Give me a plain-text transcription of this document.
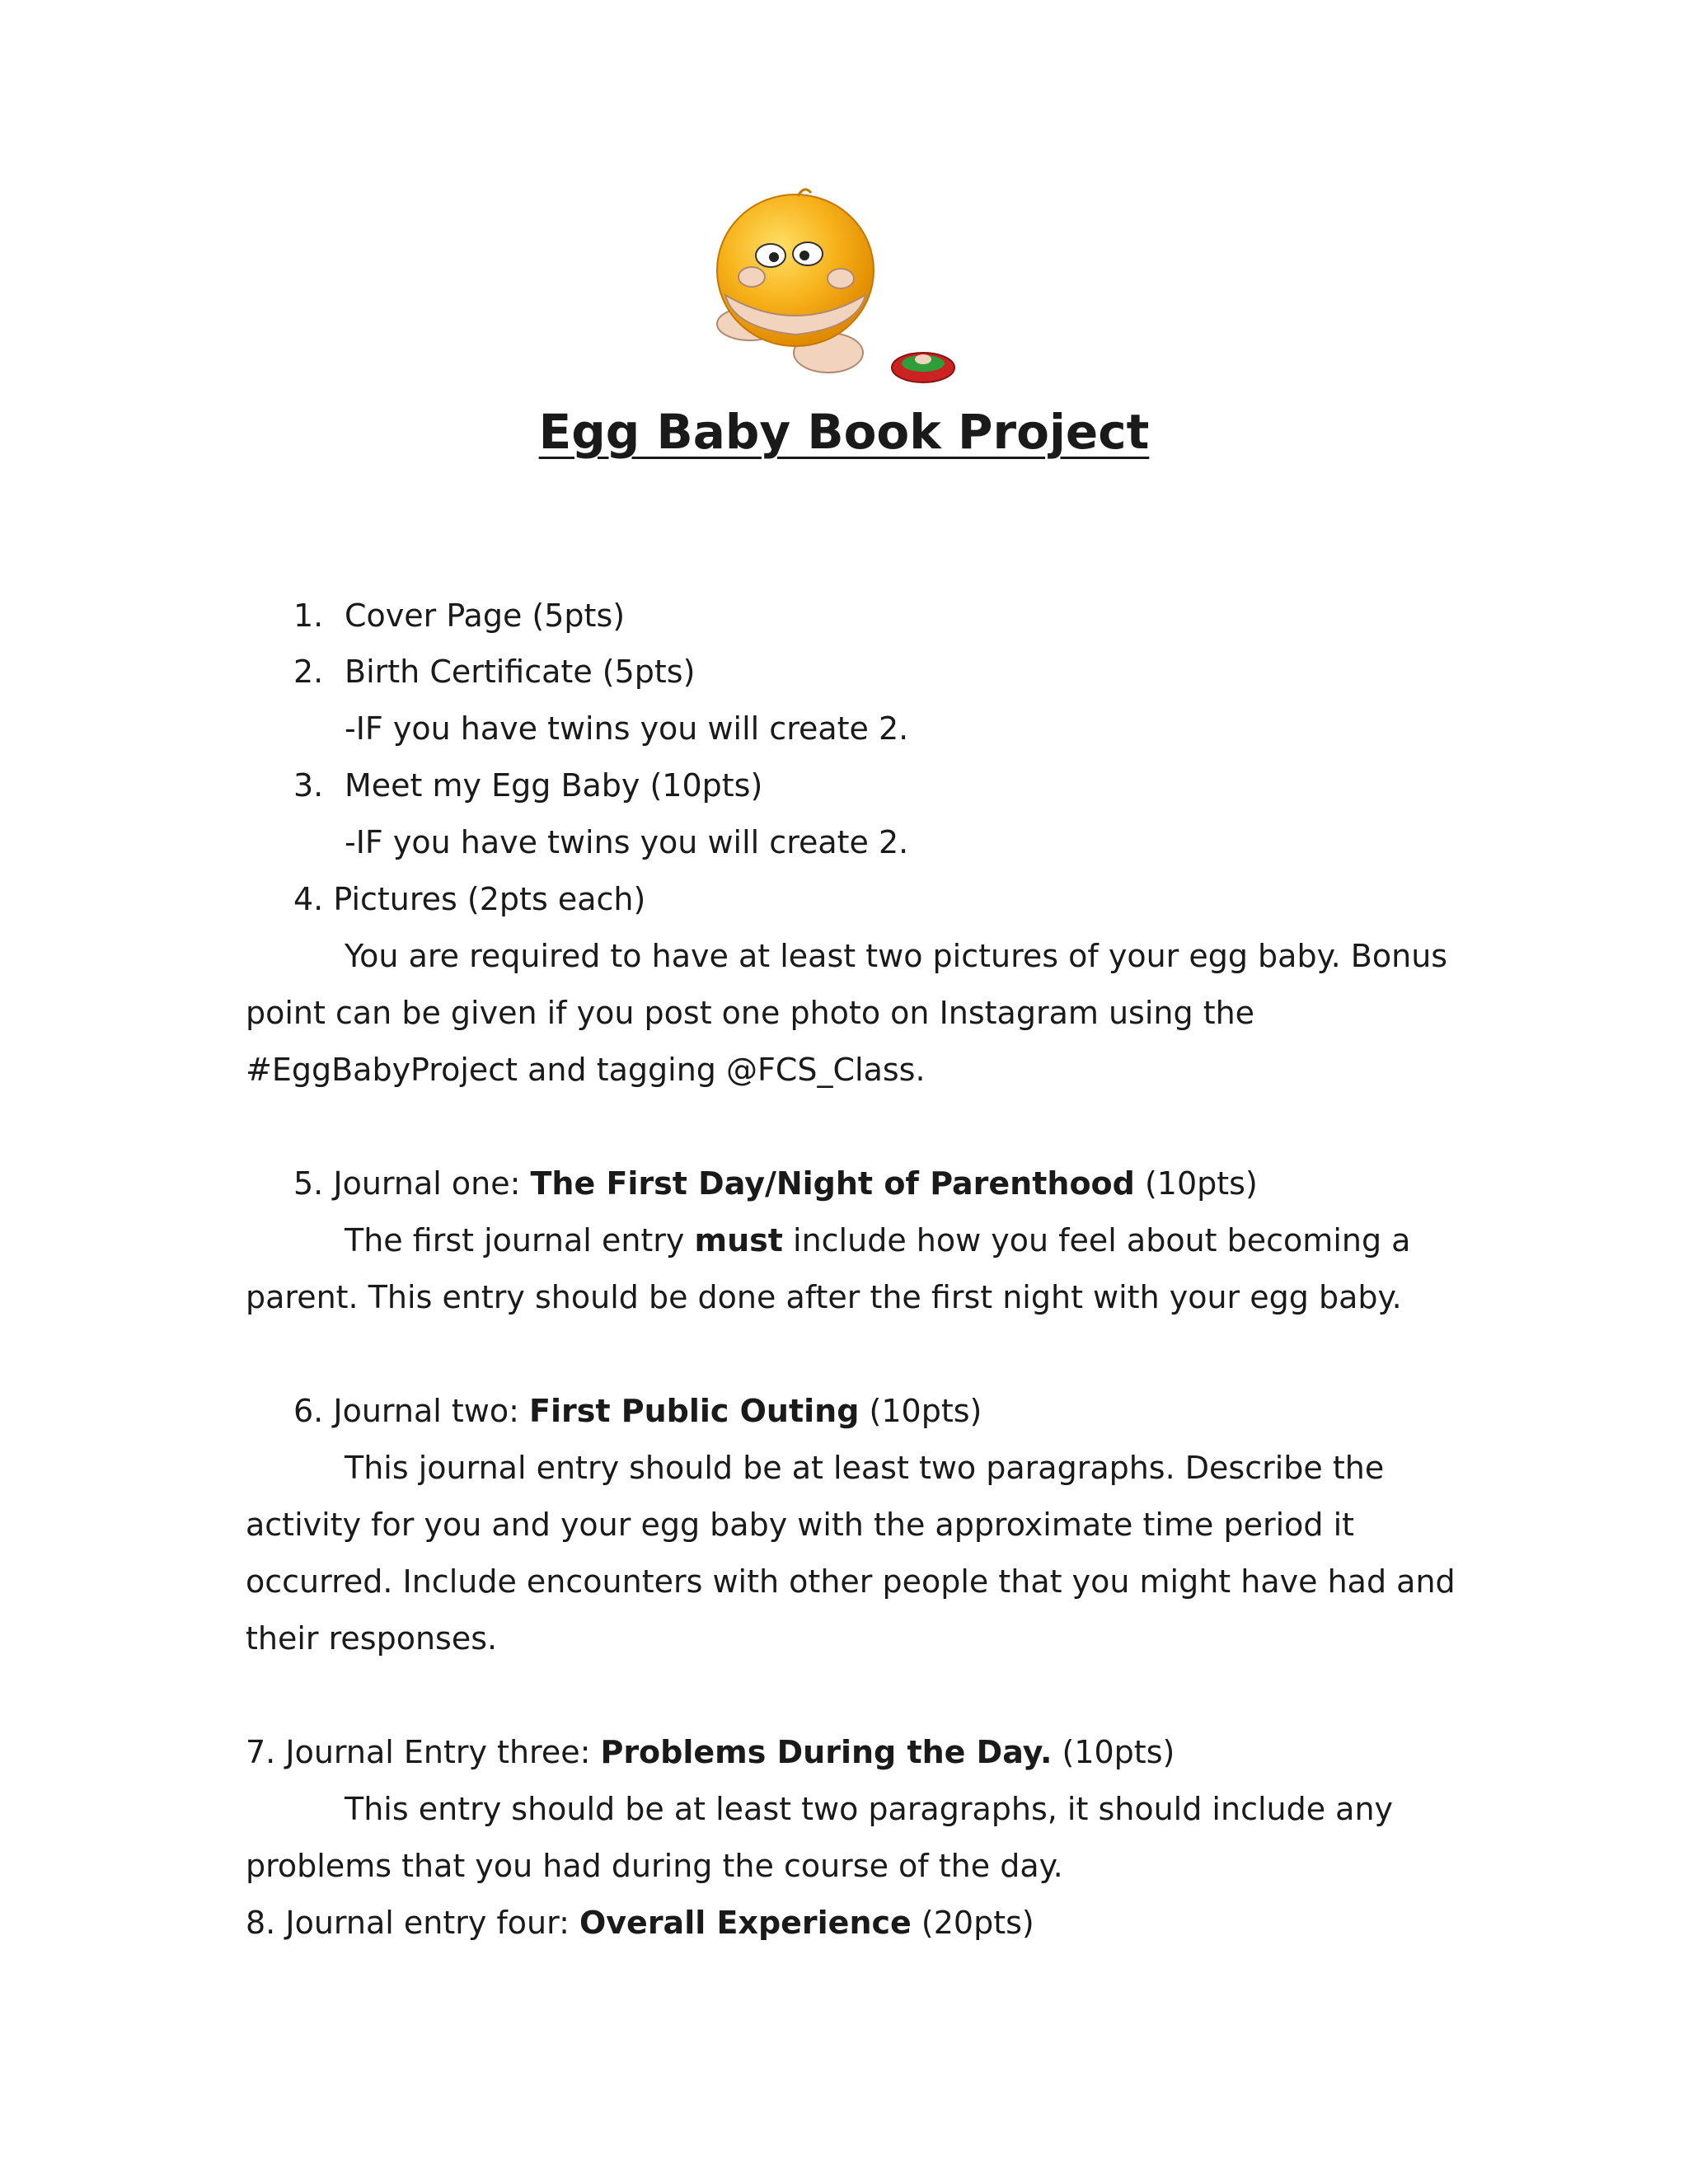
Egg Baby Book Project
1. Cover Page (5pts)
2. Birth Certificate (5pts)
-IF you have twins you will create 2.
3. Meet my Egg Baby (10pts)
-IF you have twins you will create 2.
4. Pictures (2pts each)
You are required to have at least two pictures of your egg baby. Bonus
point can be given if you post one photo on Instagram using the
#EggBabyProject and tagging @FCS_Class.
5. Journal one: The First Day/Night of Parenthood (10pts)
The first journal entry must include how you feel about becoming a
parent. This entry should be done after the first night with your egg baby.
6. Journal two: First Public Outing (10pts)
This journal entry should be at least two paragraphs. Describe the
activity for you and your egg baby with the approximate time period it
occurred. Include encounters with other people that you might have had and
their responses.
7. Journal Entry three: Problems During the Day. (10pts)
This entry should be at least two paragraphs, it should include any
problems that you had during the course of the day.
8. Journal entry four: Overall Experience (20pts)
